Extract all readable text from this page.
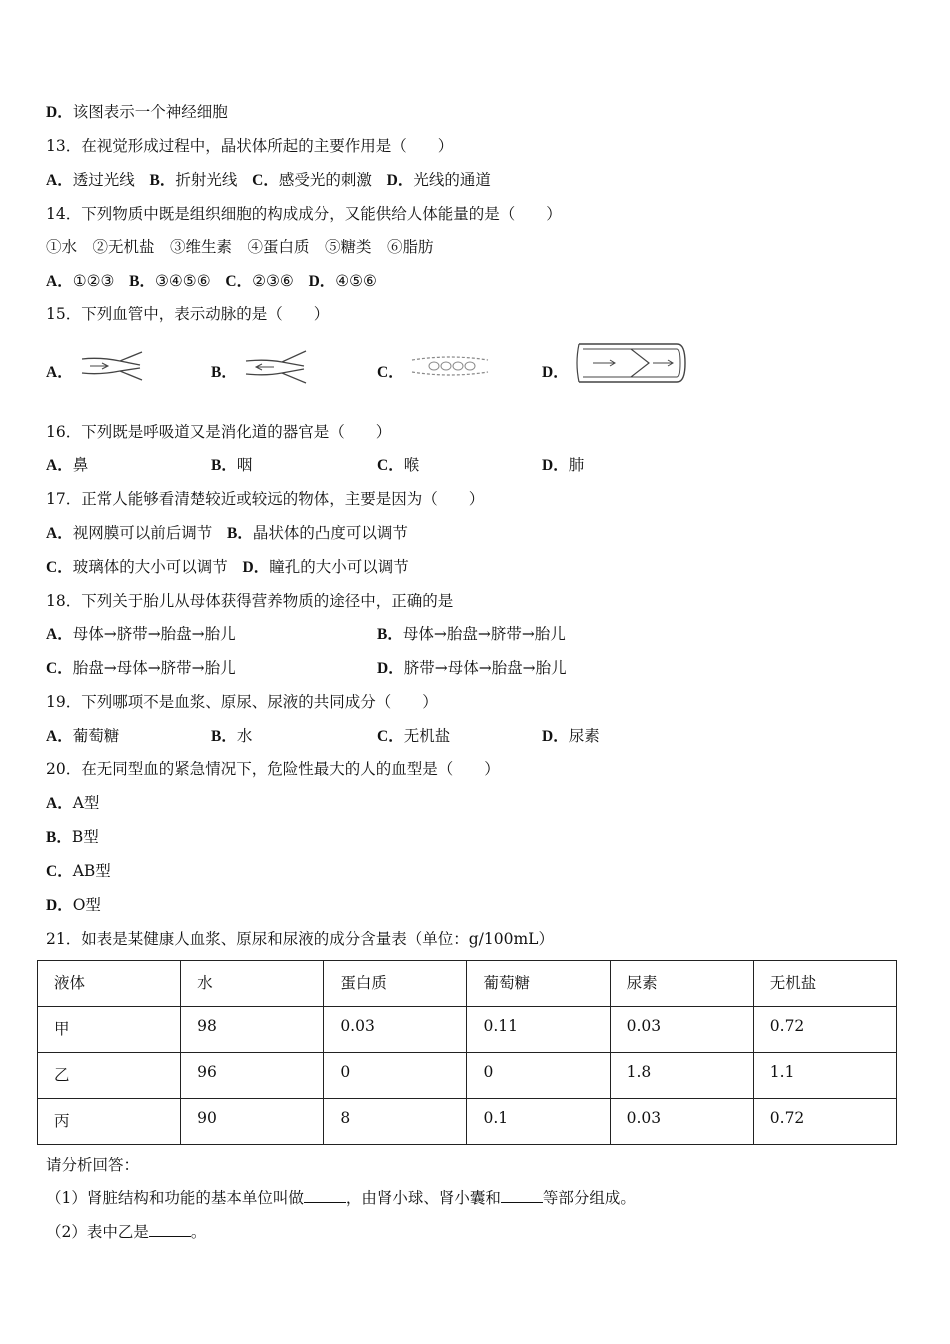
D．该图表示一个神经细胞
13．在视觉形成过程中，晶状体所起的主要作用是（　　）
A．透过光线 B．折射光线 C．感受光的刺激 D．光线的通道
14．下列物质中既是组织细胞的构成成分，又能供给人体能量的是（　　）
①水　②无机盐　③维生素　④蛋白质　⑤糖类　⑥脂肪
A．①②③ B．③④⑤⑥ C．②③⑥ D．④⑤⑥
15．下列血管中，表示动脉的是（　　）
A．	B．	C．	D．
16．下列既是呼吸道又是消化道的器官是（　　）
A．鼻	B．咽	C．喉	D．肺
17．正常人能够看清楚较近或较远的物体，主要是因为（　　）
A．视网膜可以前后调节 B．晶状体的凸度可以调节
C．玻璃体的大小可以调节 D．瞳孔的大小可以调节
18．下列关于胎儿从母体获得营养物质的途径中，正确的是
A．母体→脐带→胎盘→胎儿	B．母体→胎盘→脐带→胎儿
C．胎盘→母体→脐带→胎儿	D．脐带→母体→胎盘→胎儿
19．下列哪项不是血浆、原尿、尿液的共同成分（　　）
A．葡萄糖	B．水	C．无机盐	D．尿素
20．在无同型血的紧急情况下，危险性最大的人的血型是（　　）
A．A型
B．B型
C．AB型
D．O型
21．如表是某健康人血浆、原尿和尿液的成分含量表（单位：g/100mL）
液体	水	蛋白质	葡萄糖	尿素	无机盐
甲	98	0.03	0.11	0.03	0.72
乙	96	0	0	1.8	1.1
丙	90	8	0.1	0.03	0.72
请分析回答：
（1）肾脏结构和功能的基本单位叫做	，由肾小球、肾小囊和	等部分组成。
（2）表中乙是	。
